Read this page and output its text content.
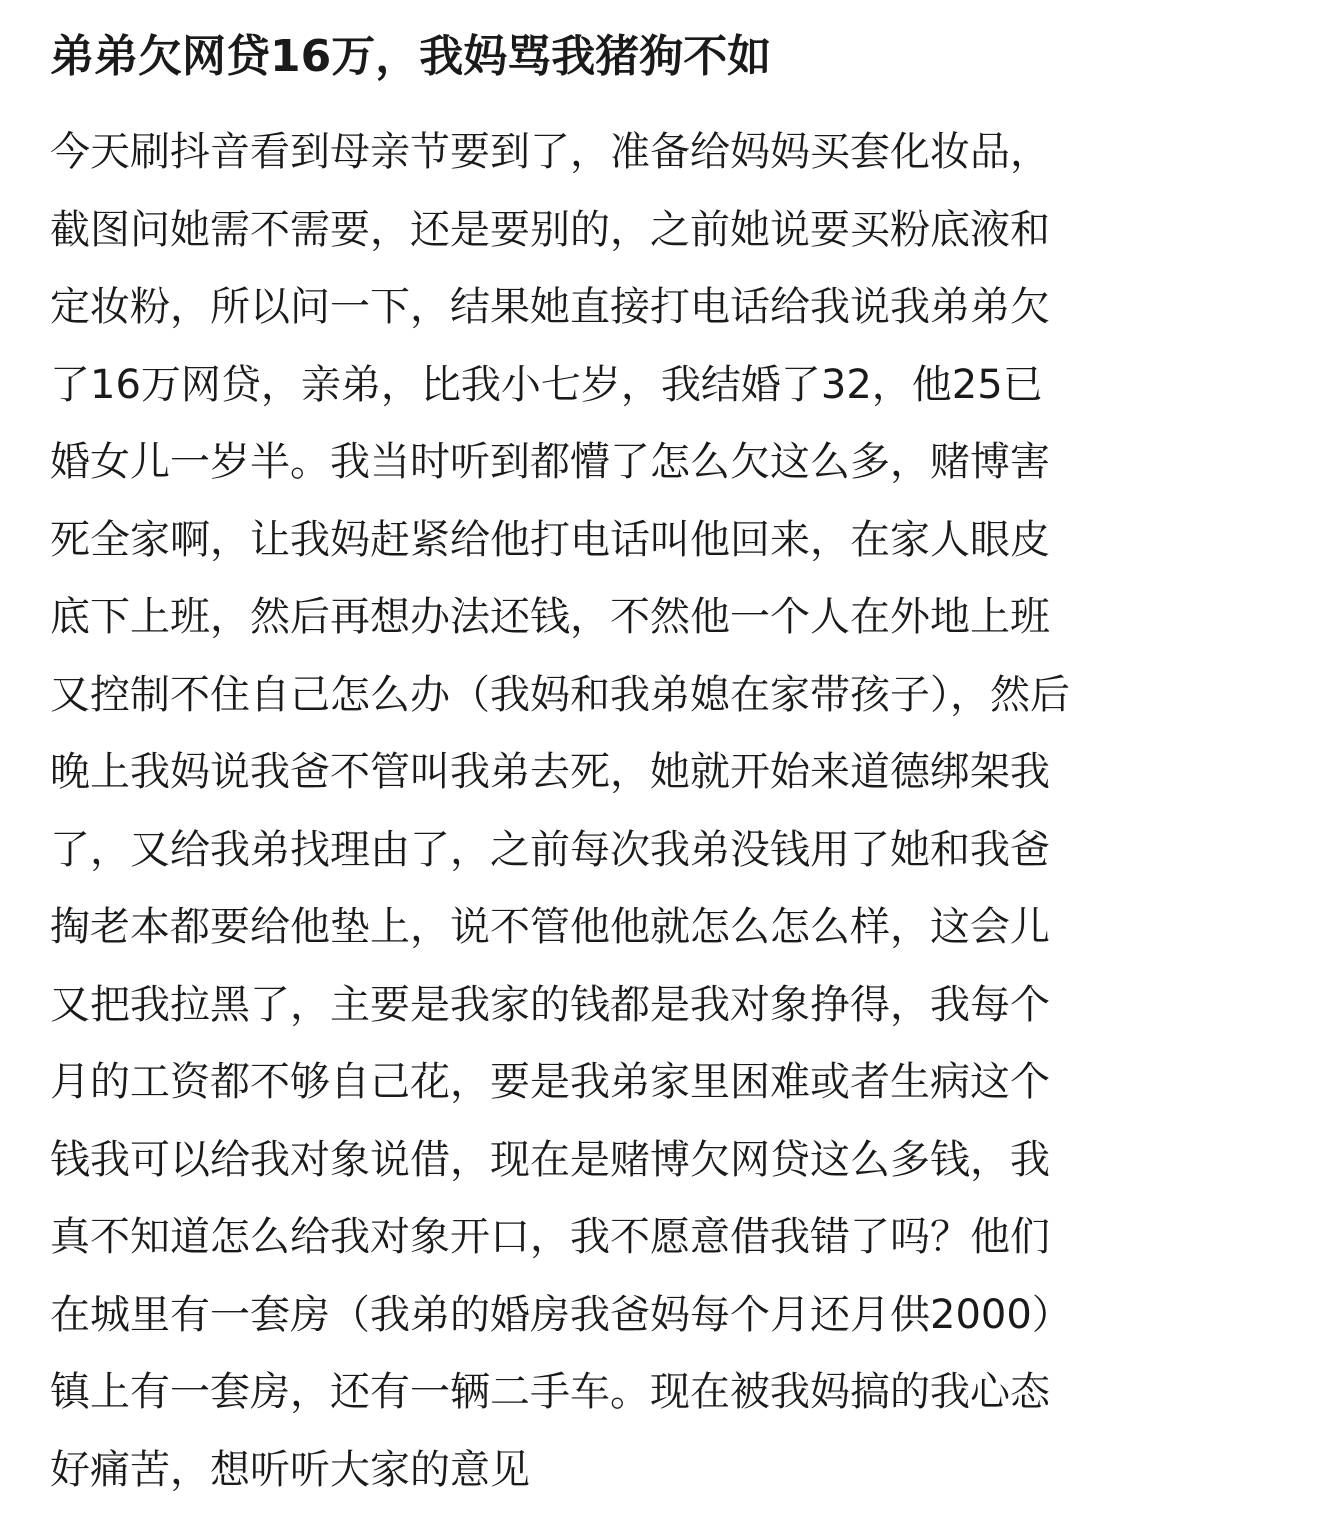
弟弟欠网贷16万，我妈骂我猪狗不如
今天刷抖音看到母亲节要到了，准备给妈妈买套化妆品，
截图问她需不需要，还是要别的，之前她说要买粉底液和
定妆粉，所以问一下，结果她直接打电话给我说我弟弟欠
了16万网贷，亲弟，比我小七岁，我结婚了32，他25已
婚女儿一岁半。我当时听到都懵了怎么欠这么多，赌博害
死全家啊，让我妈赶紧给他打电话叫他回来，在家人眼皮
底下上班，然后再想办法还钱，不然他一个人在外地上班
又控制不住自己怎么办（我妈和我弟媳在家带孩子），然后
晚上我妈说我爸不管叫我弟去死，她就开始来道德绑架我
了，又给我弟找理由了，之前每次我弟没钱用了她和我爸
掏老本都要给他垫上，说不管他他就怎么怎么样，这会儿
又把我拉黑了，主要是我家的钱都是我对象挣得，我每个
月的工资都不够自己花，要是我弟家里困难或者生病这个
钱我可以给我对象说借，现在是赌博欠网贷这么多钱，我
真不知道怎么给我对象开口，我不愿意借我错了吗？他们
在城里有一套房（我弟的婚房我爸妈每个月还月供2000）
镇上有一套房，还有一辆二手车。现在被我妈搞的我心态
好痛苦，想听听大家的意见
